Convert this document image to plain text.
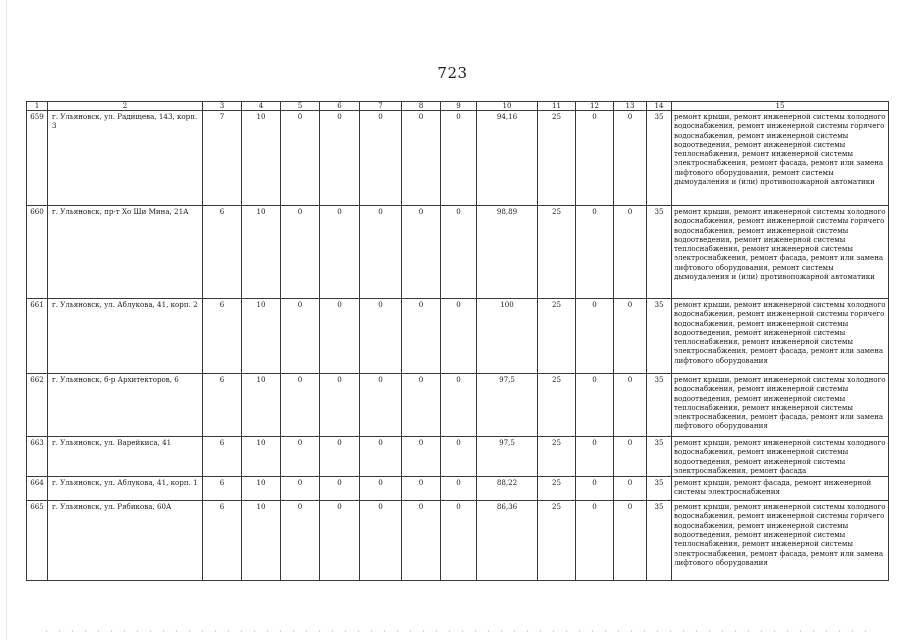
723
1	2	3	4	5	6	7	8	9	10	11	12	13	14	15
659	г. Ульяновск, ул. Радищева, 143, корп. 3	7	10	0	0	0	0	0	94,16	25	0	0	35	ремонт крыши, ремонт инженерной системы холодного водоснабжения, ремонт инженерной системы горячего водоснабжения, ремонт инженерной системы водоотведения, ремонт инженерной системы теплоснабжения, ремонт инженерной системы электроснабжения, ремонт фасада, ремонт или замена лифтового оборудования, ремонт системы дымоудаления и (или) противопожарной автоматики
660	г. Ульяновск, пр-т Хо Ши Мина, 21А	6	10	0	0	0	0	0	98,89	25	0	0	35	ремонт крыши, ремонт инженерной системы холодного водоснабжения, ремонт инженерной системы горячего водоснабжения, ремонт инженерной системы водоотведения, ремонт инженерной системы теплоснабжения, ремонт инженерной системы электроснабжения, ремонт фасада, ремонт или замена лифтового оборудования, ремонт системы дымоудаления и (или) противопожарной автоматики
661	г. Ульяновск, ул. Аблукова, 41, корп. 2	6	10	0	0	0	0	0	100	25	0	0	35	ремонт крыши, ремонт инженерной системы холодного водоснабжения, ремонт инженерной системы горячего водоснабжения, ремонт инженерной системы водоотведения, ремонт инженерной системы теплоснабжения, ремонт инженерной системы электроснабжения, ремонт фасада, ремонт или замена лифтового оборудования
662	г. Ульяновск, б-р Архитекторов, 6	6	10	0	0	0	0	0	97,5	25	0	0	35	ремонт крыши, ремонт инженерной системы холодного водоснабжения, ремонт инженерной системы водоотведения, ремонт инженерной системы теплоснабжения, ремонт инженерной системы электроснабжения, ремонт фасада, ремонт или замена лифтового оборудования
663	г. Ульяновск, ул. Варейкиса, 41	6	10	0	0	0	0	0	97,5	25	0	0	35	ремонт крыши, ремонт инженерной системы холодного водоснабжения, ремонт инженерной системы водоотведения, ремонт инженерной системы электроснабжения, ремонт фасада
664	г. Ульяновск, ул. Аблукова, 41, корп. 1	6	10	0	0	0	0	0	88,22	25	0	0	35	ремонт крыши, ремонт фасада, ремонт инженерной системы электроснабжения
665	г. Ульяновск, ул. Рябикова, 60А	6	10	0	0	0	0	0	86,36	25	0	0	35	ремонт крыши, ремонт инженерной системы холодного водоснабжения, ремонт инженерной системы горячего водоснабжения, ремонт инженерной системы водоотведения, ремонт инженерной системы теплоснабжения, ремонт инженерной системы электроснабжения, ремонт фасада, ремонт или замена лифтового оборудования
